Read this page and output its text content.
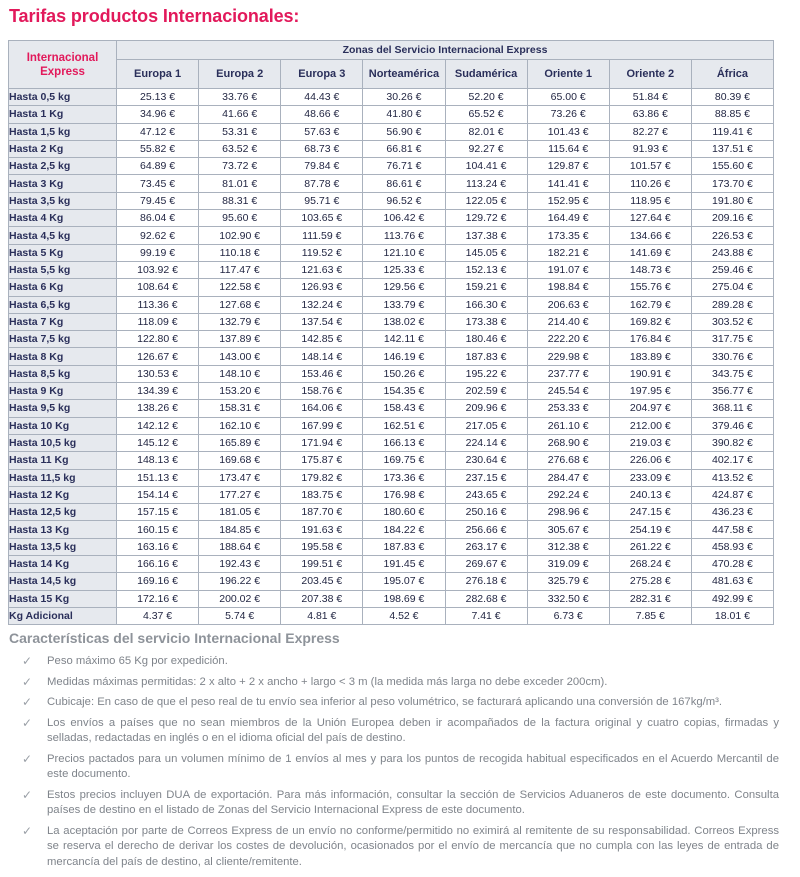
Tarifas productos Internacionales:
Internacional
Express	Zonas del Servicio Internacional Express							
	Europa 1	Europa 2	Europa 3	Norteamérica	Sudamérica	Oriente 1	Oriente 2	África
Hasta 0,5 kg	25.13 €	33.76 €	44.43 €	30.26 €	52.20 €	65.00 €	51.84 €	80.39 €
Hasta 1 Kg	34.96 €	41.66 €	48.66 €	41.80 €	65.52 €	73.26 €	63.86 €	88.85 €
Hasta 1,5 kg	47.12 €	53.31 €	57.63 €	56.90 €	82.01 €	101.43 €	82.27 €	119.41 €
Hasta 2 Kg	55.82 €	63.52 €	68.73 €	66.81 €	92.27 €	115.64 €	91.93 €	137.51 €
Hasta 2,5 kg	64.89 €	73.72 €	79.84 €	76.71 €	104.41 €	129.87 €	101.57 €	155.60 €
Hasta 3 Kg	73.45 €	81.01 €	87.78 €	86.61 €	113.24 €	141.41 €	110.26 €	173.70 €
Hasta 3,5 kg	79.45 €	88.31 €	95.71 €	96.52 €	122.05 €	152.95 €	118.95 €	191.80 €
Hasta 4 Kg	86.04 €	95.60 €	103.65 €	106.42 €	129.72 €	164.49 €	127.64 €	209.16 €
Hasta 4,5 kg	92.62 €	102.90 €	111.59 €	113.76 €	137.38 €	173.35 €	134.66 €	226.53 €
Hasta 5 Kg	99.19 €	110.18 €	119.52 €	121.10 €	145.05 €	182.21 €	141.69 €	243.88 €
Hasta 5,5 kg	103.92 €	117.47 €	121.63 €	125.33 €	152.13 €	191.07 €	148.73 €	259.46 €
Hasta 6 Kg	108.64 €	122.58 €	126.93 €	129.56 €	159.21 €	198.84 €	155.76 €	275.04 €
Hasta 6,5 kg	113.36 €	127.68 €	132.24 €	133.79 €	166.30 €	206.63 €	162.79 €	289.28 €
Hasta 7 Kg	118.09 €	132.79 €	137.54 €	138.02 €	173.38 €	214.40 €	169.82 €	303.52 €
Hasta 7,5 kg	122.80 €	137.89 €	142.85 €	142.11 €	180.46 €	222.20 €	176.84 €	317.75 €
Hasta 8 Kg	126.67 €	143.00 €	148.14 €	146.19 €	187.83 €	229.98 €	183.89 €	330.76 €
Hasta 8,5 kg	130.53 €	148.10 €	153.46 €	150.26 €	195.22 €	237.77 €	190.91 €	343.75 €
Hasta 9 Kg	134.39 €	153.20 €	158.76 €	154.35 €	202.59 €	245.54 €	197.95 €	356.77 €
Hasta 9,5 kg	138.26 €	158.31 €	164.06 €	158.43 €	209.96 €	253.33 €	204.97 €	368.11 €
Hasta 10 Kg	142.12 €	162.10 €	167.99 €	162.51 €	217.05 €	261.10 €	212.00 €	379.46 €
Hasta 10,5 kg	145.12 €	165.89 €	171.94 €	166.13 €	224.14 €	268.90 €	219.03 €	390.82 €
Hasta 11 Kg	148.13 €	169.68 €	175.87 €	169.75 €	230.64 €	276.68 €	226.06 €	402.17 €
Hasta 11,5 kg	151.13 €	173.47 €	179.82 €	173.36 €	237.15 €	284.47 €	233.09 €	413.52 €
Hasta 12 Kg	154.14 €	177.27 €	183.75 €	176.98 €	243.65 €	292.24 €	240.13 €	424.87 €
Hasta 12,5 kg	157.15 €	181.05 €	187.70 €	180.60 €	250.16 €	298.96 €	247.15 €	436.23 €
Hasta 13 Kg	160.15 €	184.85 €	191.63 €	184.22 €	256.66 €	305.67 €	254.19 €	447.58 €
Hasta 13,5 kg	163.16 €	188.64 €	195.58 €	187.83 €	263.17 €	312.38 €	261.22 €	458.93 €
Hasta 14 Kg	166.16 €	192.43 €	199.51 €	191.45 €	269.67 €	319.09 €	268.24 €	470.28 €
Hasta 14,5 kg	169.16 €	196.22 €	203.45 €	195.07 €	276.18 €	325.79 €	275.28 €	481.63 €
Hasta 15 Kg	172.16 €	200.02 €	207.38 €	198.69 €	282.68 €	332.50 €	282.31 €	492.99 €
Kg Adicional	4.37 €	5.74 €	4.81 €	4.52 €	7.41 €	6.73 €	7.85 €	18.01 €
Características del servicio Internacional Express
✓ Peso máximo 65 Kg por expedición.
✓ Medidas máximas permitidas: 2 x alto + 2 x ancho + largo < 3 m (la medida más larga no debe exceder 200cm).
✓ Cubicaje: En caso de que el peso real de tu envío sea inferior al peso volumétrico, se facturará aplicando una conversión de 167kg/m³.
✓ Los envíos a países que no sean miembros de la Unión Europea deben ir acompañados de la factura original y cuatro copias, firmadas y selladas, redactadas en inglés o en el idioma oficial del país de destino.
✓ Precios pactados para un volumen mínimo de 1 envíos al mes y para los puntos de recogida habitual especificados en el Acuerdo Mercantil de este documento.
✓ Estos precios incluyen DUA de exportación. Para más información, consultar la sección de Servicios Aduaneros de este documento. Consulta países de destino en el listado de Zonas del Servicio Internacional Express de este documento.
✓ La aceptación por parte de Correos Express de un envío no conforme/permitido no eximirá al remitente de su responsabilidad. Correos Express se reserva el derecho de derivar los costes de devolución, ocasionados por el envío de mercancía que no cumpla con las leyes de entrada de mercancía del país de destino, al cliente/remitente.
